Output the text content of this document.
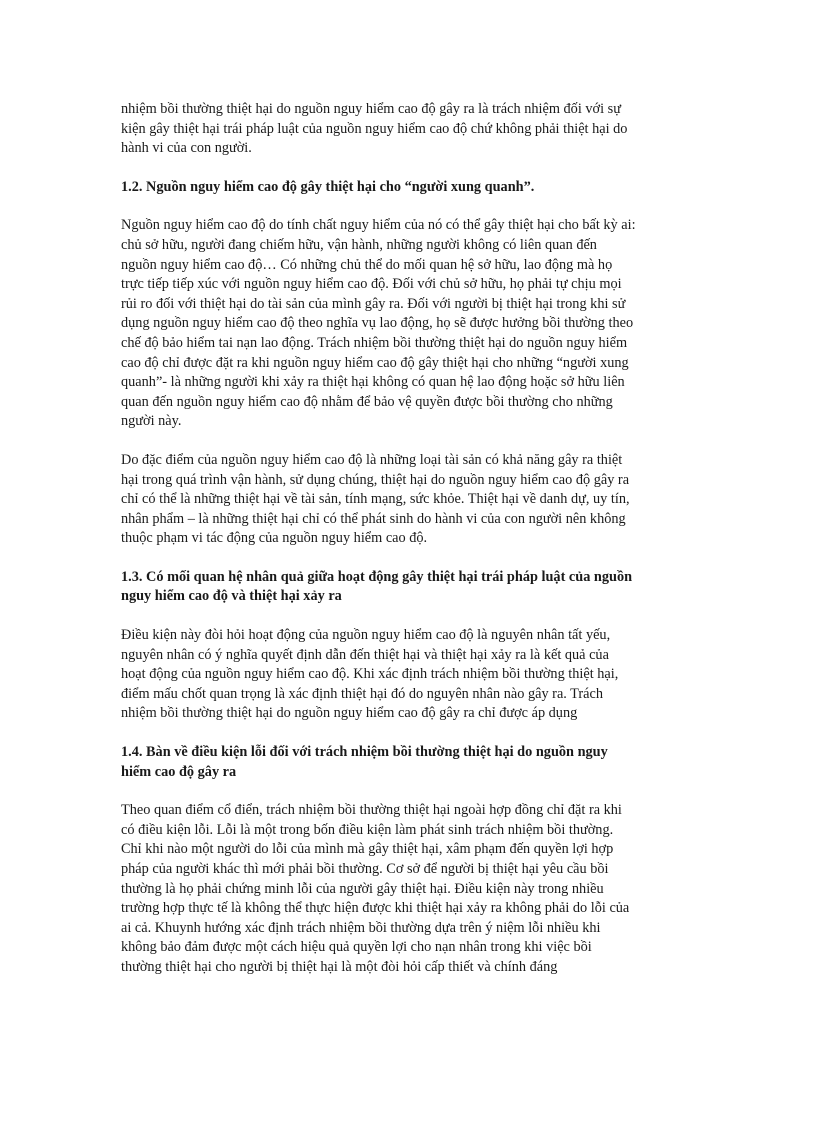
nhiệm bồi thường thiệt hại do nguồn nguy hiểm cao độ gây ra là trách nhiệm đối với sự
kiện gây thiệt hại trái pháp luật của nguồn nguy hiểm cao độ chứ không phải thiệt hại do
hành vi của con người.
1.2. Nguồn nguy hiểm cao độ gây thiệt hại cho “người xung quanh”.
Nguồn nguy hiểm cao độ do tính chất nguy hiểm của nó có thể gây thiệt hại cho bất kỳ ai:
chủ sở hữu, người đang chiếm hữu, vận hành, những người không có liên quan đến
nguồn nguy hiểm cao độ… Có những chủ thể do mối quan hệ sở hữu, lao động mà họ
trực tiếp tiếp xúc với nguồn nguy hiểm cao độ. Đối với chủ sở hữu, họ phải tự chịu mọi
rủi ro đối với thiệt hại do tài sản của mình gây ra. Đối với người bị thiệt hại trong khi sử
dụng nguồn nguy hiểm cao độ theo nghĩa vụ lao động, họ sẽ được hưởng bồi thường theo
chế độ bảo hiểm tai nạn lao động. Trách nhiệm bồi thường thiệt hại do nguồn nguy hiểm
cao độ chỉ được đặt ra khi nguồn nguy hiểm cao độ gây thiệt hại cho những “người xung
quanh”- là những người khi xảy ra thiệt hại không có quan hệ lao động hoặc sở hữu liên
quan đến nguồn nguy hiểm cao độ nhằm để bảo vệ quyền được bồi thường cho những
người này.
Do đặc điểm của nguồn nguy hiểm cao độ là những loại tài sản có khả năng gây ra thiệt
hại trong quá trình vận hành, sử dụng chúng, thiệt hại do nguồn nguy hiểm cao độ gây ra
chỉ có thể là những thiệt hại về tài sản, tính mạng, sức khỏe. Thiệt hại về danh dự, uy tín,
nhân phẩm – là những thiệt hại chỉ có thể phát sinh do hành vi của con người nên không
thuộc phạm vi tác động của nguồn nguy hiểm cao độ.
1.3. Có mối quan hệ nhân quả giữa hoạt động gây thiệt hại trái pháp luật của nguồn
nguy hiểm cao độ và thiệt hại xảy ra
Điều kiện này đòi hỏi hoạt động của nguồn nguy hiểm cao độ là nguyên nhân tất yếu,
nguyên nhân có ý nghĩa quyết định dẫn đến thiệt hại và thiệt hại xảy ra là kết quả của
hoạt động của nguồn nguy hiểm cao độ. Khi xác định trách nhiệm bồi thường thiệt hại,
điểm mấu chốt quan trọng là xác định thiệt hại đó do nguyên nhân nào gây ra. Trách
nhiệm bồi thường thiệt hại do nguồn nguy hiểm cao độ gây ra chỉ được áp dụng
1.4. Bàn về điều kiện lỗi đối với trách nhiệm bồi thường thiệt hại do nguồn nguy
hiểm cao độ gây ra
Theo quan điểm cổ điển, trách nhiệm bồi thường thiệt hại ngoài hợp đồng chỉ đặt ra khi
có điều kiện lỗi. Lỗi là một trong bốn điều kiện làm phát sinh trách nhiệm bồi thường.
Chỉ khi nào một người do lỗi của mình mà gây thiệt hại, xâm phạm đến quyền lợi hợp
pháp của người khác thì mới phải bồi thường. Cơ sở để người bị thiệt hại yêu cầu bồi
thường là họ phải chứng minh lỗi của người gây thiệt hại. Điều kiện này trong nhiều
trường hợp thực tế là không thể thực hiện được khi thiệt hại xảy ra không phải do lỗi của
ai cả. Khuynh hướng xác định trách nhiệm bồi thường dựa trên ý niệm lỗi nhiều khi
không bảo đảm được một cách hiệu quả quyền lợi cho nạn nhân trong khi việc bồi
thường thiệt hại cho người bị thiệt hại là một đòi hỏi cấp thiết và chính đáng
